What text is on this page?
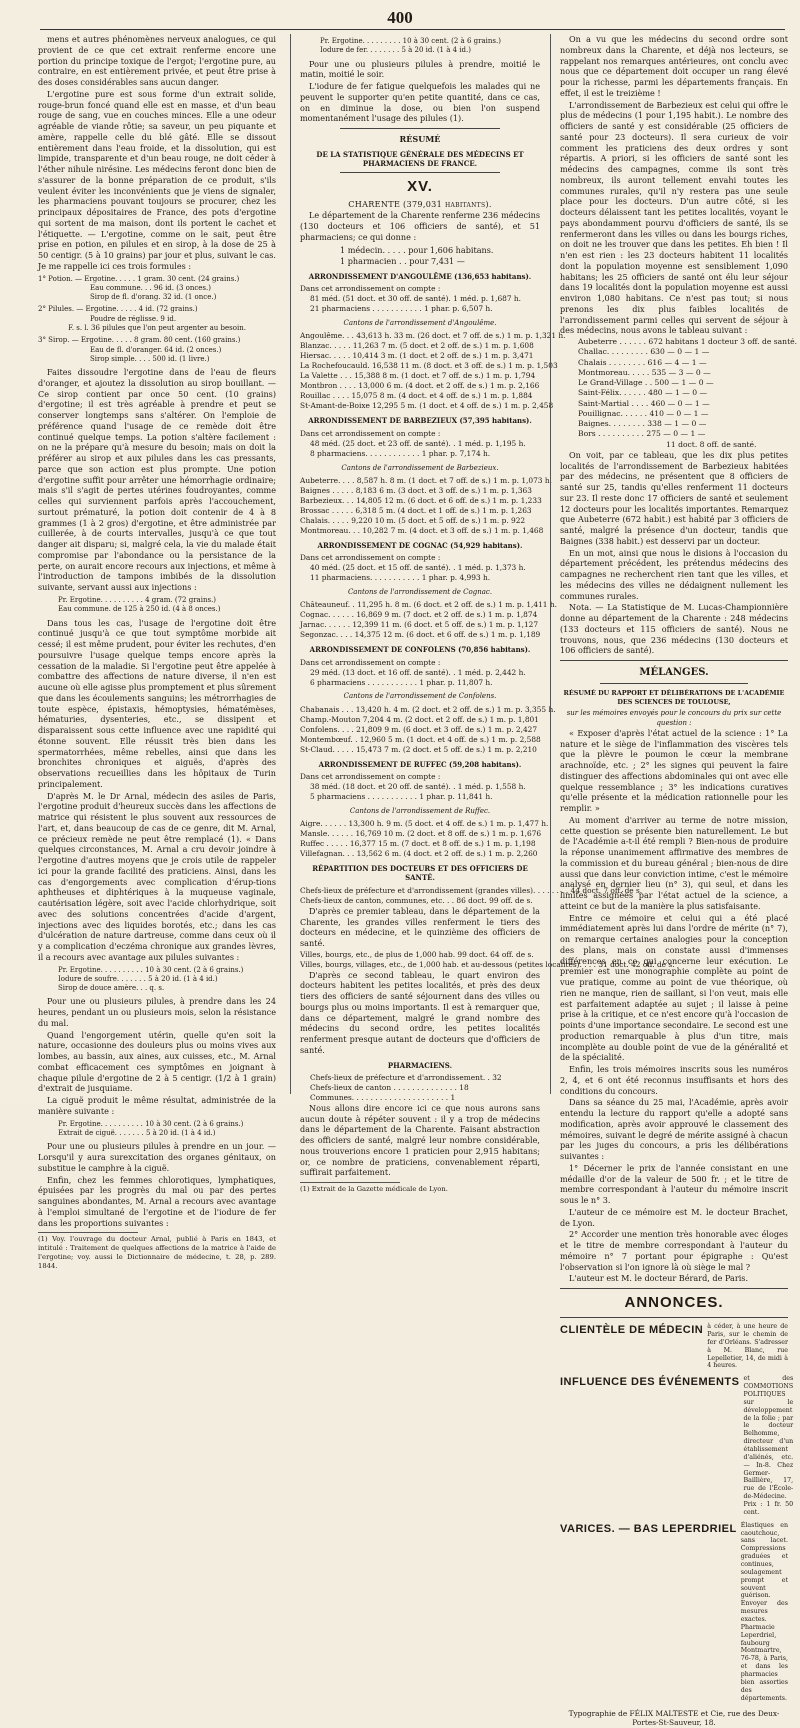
400

mens et autres phénomènes nerveux analogues, ce qui provient de ce que cet extrait renferme encore une portion du principe toxique de l'ergot; l'ergotine pure, au contraire, en est entièrement privée, et peut être prise à des doses considérables sans aucun danger.

L'ergotine pure est sous forme d'un extrait solide, rouge-brun foncé quand elle est en masse, et d'un beau rouge de sang, vue en couches minces. Elle a une odeur agréable de viande rôtie; sa saveur, un peu piquante et amère, rappelle celle du blé gâté. Elle se dissout entièrement dans l'eau froide, et la dissolution, qui est limpide, transparente et d'un beau rouge, ne doit céder à l'éther nihule nirésine. Les médecins feront donc bien de s'assurer de la bonne préparation de ce produit, s'ils veulent éviter les inconvénients que je viens de signaler, les pharmaciens pouvant toujours se procurer, chez les principaux dépositaires de France, des pots d'ergotine qui sortent de ma maison, dont ils portent le cachet et l'étiquette. — L'ergotine, comme on le sait, peut être prise en potion, en pilules et en sirop, à la dose de 25 à 50 centigr. (5 à 10 grains) par jour et plus, suivant le cas. Je me rappelle ici ces trois formules :

1° Potion. — Ergotine. . . . . 1 gram. 30 cent. (24 grains.)
Eau commune. . . 96 id. (3 onces.)
Sirop de fl. d'orang. 32 id. (1 once.)
2° Pilules. — Ergotine. . . . . 4 id. (72 grains.)
Poudre de réglisse. 9 id.
F. s. l. 36 pilules que l'on peut argenter au besoin.
3° Sirop. — Ergotine. . . . . 8 gram. 80 cent. (160 grains.)
Eau de fl. d'oranger. 64 id. (2 onces.)
Sirop simple. . . . 500 id. (1 livre.)

Faites dissoudre l'ergotine dans de l'eau de fleurs d'oranger, et ajoutez la dissolution au sirop bouillant. — Ce sirop contient par once 50 cent. (10 grains) d'ergotine; il est très agréable à prendre et peut se conserver longtemps sans s'altérer. On l'emploie de préférence quand l'usage de ce remède doit être continué quelque temps. La potion s'altère facilement : on ne la prépare qu'à mesure du besoin; mais on doit la préférer au sirop et aux pilules dans les cas pressants, parce que son action est plus prompte. Une potion d'ergotine suffit pour arrêter une hémorrhagie ordinaire; mais s'il s'agit de pertes utérines foudroyantes, comme celles qui surviennent parfois après l'accouchement, surtout prématuré, la potion doit contenir de 4 à 8 grammes (1 à 2 gros) d'ergotine, et être administrée par cuillerée, à de courts intervalles, jusqu'à ce que tout danger ait disparu; si, malgré cela, la vie du malade était compromise par l'abondance ou la persistance de la perte, on aurait encore recours aux injections, et même à l'introduction de tampons imbibés de la dissolution suivante, servant aussi aux injections :

Pr. Ergotine. . . . . . . . . . 4 gram. (72 grains.)
Eau commune. de 125 à 250 id. (4 à 8 onces.)

Dans tous les cas, l'usage de l'ergotine doit être continué jusqu'à ce que tout symptôme morbide ait cessé; il est même prudent, pour éviter les rechutes, d'en poursuivre l'usage quelque temps encore après la cessation de la maladie. Si l'ergotine peut être appelée à combattre des affections de nature diverse, il n'en est aucune où elle agisse plus promptement et plus sûrement que dans les écoulements sanguins; les métrorrhagies de toute espèce, épistaxis, hémoptysies, hématémèses, hématuries, dysenteries, etc., se dissipent et disparaissent sous cette influence avec une rapidité qui étonne souvent. Elle réussit très bien dans les spermatorrhées, même rebelles, ainsi que dans les bronchites chroniques et aiguës, d'après des observations recueillies dans les hôpitaux de Turin principalement.

D'après M. le Dr Arnal, médecin des asiles de Paris, l'ergotine produit d'heureux succès dans les affections de matrice qui résistent le plus souvent aux ressources de l'art, et, dans beaucoup de cas de ce genre, dit M. Arnal, ce précieux remède ne peut être remplacé (1). « Dans quelques circonstances, M. Arnal a cru devoir joindre à l'ergotine d'autres moyens que je crois utile de rappeler ici pour la grande facilité des praticiens. Ainsi, dans les cas d'engorgements avec complication d'érup-tions aphtheuses et diphtériques à la muqueuse vaginale, cautérisation légère, soit avec l'acide chlorhydrique, soit avec des solutions concentrées d'acide d'argent, injections avec des liquides borotés, etc.; dans les cas d'ulcération de nature dartreuse, comme dans ceux où il y a complication d'eczéma chronique aux grandes lèvres, il a recours avec avantage aux pilules suivantes :

Pr. Ergotine. . . . . . . . . . 10 à 30 cent. (2 à 6 grains.)
Iodure de soufre. . . . . . . 5 à 20 id. (1 à 4 id.)
Sirop de douce amère. . . q. s.

Pour une ou plusieurs pilules, à prendre dans les 24 heures, pendant un ou plusieurs mois, selon la résistance du mal.

Quand l'engorgement utérin, quelle qu'en soit la nature, occasionne des douleurs plus ou moins vives aux lombes, au bassin, aux aines, aux cuisses, etc., M. Arnal combat efficacement ces symptômes en joignant à chaque pilule d'ergotine de 2 à 5 centigr. (1/2 à 1 grain) d'extrait de jusquiame.

La ciguë produit le même résultat, administrée de la manière suivante :

Pr. Ergotine. . . . . . . . . . 10 à 30 cent. (2 à 6 grains.)
Extrait de ciguë. . . . . . . 5 à 20 id. (1 à 4 id.)

Pour une ou plusieurs pilules à prendre en un jour. — Lorsqu'il y aura surexcitation des organes génitaux, on substitue le camphre à la ciguë.

Enfin, chez les femmes chlorotiques, lymphatiques, épuisées par les progrès du mal ou par des pertes sanguines abondantes, M. Arnal a recours avec avantage à l'emploi simultané de l'ergotine et de l'iodure de fer dans les proportions suivantes :

(1) Voy. l'ouvrage du docteur Arnal, publié à Paris en 1843, et intitulé : Traitement de quelques affections de la matrice à l'aide de l'ergotine; voy. aussi le Dictionnaire de médecine, t. 28, p. 289. 1844.

Pr. Ergotine. . . . . . . . . 10 à 30 cent. (2 à 6 grains.)
Iodure de fer. . . . . . . . 5 à 20 id. (1 à 4 id.)

Pour une ou plusieurs pilules à prendre, moitié le matin, moitié le soir.

L'iodure de fer fatigue quelquefois les malades qui ne peuvent le supporter qu'en petite quantité, dans ce cas, on en diminue la dose, ou bien l'on suspend momentanément l'usage des pilules (1).

RÉSUMÉ
DE LA STATISTIQUE GÉNÉRALE DES MÉDECINS ET PHARMACIENS DE FRANCE.
XV.
CHARENTE (379,031 habitants).

Le département de la Charente renferme 236 médecins (130 docteurs et 106 officiers de santé), et 51 pharmaciens; ce qui donne :

1 médecin. . . . . pour 1,606 habitans.
1 pharmacien . . pour 7,431 —
ARRONDISSEMENT D'ANGOULÊME (136,653 habitans).
Dans cet arrondissement on compte :
81 méd. (51 doct. et 30 off. de santé). 1 méd. p. 1,687 h.
21 pharmaciens . . . . . . . . . . . 1 phar. p. 6,507 h.
Cantons de l'arrondissement d'Angoulême.
Angoulême. . . 43,613 h. 33 m. (26 doct. et 7 off. de s.) 1 m. p. 1,321 h.
Blanzac. . . . . 11,263 7 m. (5 doct. et 2 off. de s.) 1 m. p. 1,608
Hiersac. . . . . 10,414 3 m. (1 doct. et 2 off. de s.) 1 m. p. 3,471
La Rochefoucauld. 16,538 11 m. (8 doct. et 3 off. de s.) 1 m. p. 1,503
La Valette . . . 15,388 8 m. (1 doct. et 7 off. de s.) 1 m. p. 1,794
Montbron . . . . 13,000 6 m. (4 doct. et 2 off. de s.) 1 m. p. 2,166
Rouillac . . . . 15,075 8 m. (4 doct. et 4 off. de s.) 1 m. p. 1,884
St-Amant-de-Boixe 12,295 5 m. (1 doct. et 4 off. de s.) 1 m. p. 2,458
ARRONDISSEMENT DE BARBEZIEUX (57,395 habitans).
Dans cet arrondissement on compte :
48 méd. (25 doct. et 23 off. de santé). . 1 méd. p. 1,195 h.
8 pharmaciens. . . . . . . . . . . . 1 phar. p. 7,174 h.
Cantons de l'arrondissement de Barbezieux.
Aubeterre. . . . 8,587 h. 8 m. (1 doct. et 7 off. de s.) 1 m. p. 1,073 h.
Baignes . . . . . 8,183 6 m. (3 doct. et 3 off. de s.) 1 m. p. 1,363
Barbezieux. . . 14,805 12 m. (6 doct. et 6 off. de s.) 1 m. p. 1,233
Brossac . . . . . 6,318 5 m. (4 doct. et 1 off. de s.) 1 m. p. 1,263
Chalais. . . . . 9,220 10 m. (5 doct. et 5 off. de s.) 1 m. p. 922
Montmoreau. . . 10,282 7 m. (4 doct. et 3 off. de s.) 1 m. p. 1,468
ARRONDISSEMENT DE COGNAC (54,929 habitans).
Dans cet arrondissement on compte :
40 méd. (25 doct. et 15 off. de santé). . 1 méd. p. 1,373 h.
11 pharmaciens. . . . . . . . . . . 1 phar. p. 4,993 h.
Cantons de l'arrondissement de Cognac.
Châteauneuf. . 11,295 h. 8 m. (6 doct. et 2 off. de s.) 1 m. p. 1,411 h.
Cognac. . . . . . 16,869 9 m. (7 doct. et 2 off. de s.) 1 m. p. 1,874
Jarnac. . . . . . 12,399 11 m. (6 doct. et 5 off. de s.) 1 m. p. 1,127
Segonzac. . . . 14,375 12 m. (6 doct. et 6 off. de s.) 1 m. p. 1,189
ARRONDISSEMENT DE CONFOLENS (70,856 habitans).
Dans cet arrondissement on compte :
29 méd. (13 doct. et 16 off. de santé). . 1 méd. p. 2,442 h.
6 pharmaciens . . . . . . . . . . . 1 phar. p. 11,807 h.
Cantons de l'arrondissement de Confolens.
Chabanais . . . 13,420 h. 4 m. (2 doct. et 2 off. de s.) 1 m. p. 3,355 h.
Champ.-Mouton 7,204 4 m. (2 doct. et 2 off. de s.) 1 m. p. 1,801
Confolens. . . . 21,809 9 m. (6 doct. et 3 off. de s.) 1 m. p. 2,427
Montembœuf. . 12,960 5 m. (1 doct. et 4 off. de s.) 1 m. p. 2,588
St-Claud. . . . . 15,473 7 m. (2 doct. et 5 off. de s.) 1 m. p. 2,210
ARRONDISSEMENT DE RUFFEC (59,208 habitans).
Dans cet arrondissement on compte :
38 méd. (18 doct. et 20 off. de santé). . 1 méd. p. 1,558 h.
5 pharmaciens . . . . . . . . . . . 1 phar. p. 11,841 h.
Cantons de l'arrondissement de Ruffec.
Aigre. . . . . . 13,300 h. 9 m. (5 doct. et 4 off. de s.) 1 m. p. 1,477 h.
Mansle. . . . . . 16,769 10 m. (2 doct. et 8 off. de s.) 1 m. p. 1,676
Ruffec . . . . . 16,377 15 m. (7 doct. et 8 off. de s.) 1 m. p. 1,198
Villefagnan. . . 13,562 6 m. (4 doct. et 2 off. de s.) 1 m. p. 2,260
RÉPARTITION DES DOCTEURS ET DES OFFICIERS DE SANTÉ.
Chefs-lieux de préfecture et d'arrondissement (grandes villes). . . . . . . . 44 doct. 7 off. de s.
Chefs-lieux de canton, communes, etc. . . 86 doct. 99 off. de s.

D'après ce premier tableau, dans le département de la Charente, les grandes villes renferment le tiers des docteurs en médecine, et le quinzième des officiers de santé.

Villes, bourgs, etc., de plus de 1,000 hab. 99 doct. 64 off. de s.
Villes, bourgs, villages, etc., de 1,000 hab. et au-dessous (petites localités). . . . 31 doct. 42 off. de s.

D'après ce second tableau, le quart environ des docteurs habitent les petites localités, et près des deux tiers des officiers de santé séjournent dans des villes ou bourgs plus ou moins importants. Il est à remarquer que, dans ce département, malgré le grand nombre des médecins du second ordre, les petites localités renferment presque autant de docteurs que d'officiers de santé.

PHARMACIENS.
Chefs-lieux de préfecture et d'arrondissement. . 32
Chefs-lieux de canton . . . . . . . . . . . . . . 18
Communes. . . . . . . . . . . . . . . . . . . . . 1

Nous allons dire encore ici ce que nous aurons sans aucun doute à répéter souvent : il y a trop de médecins dans le département de la Charente. Faisant abstraction des officiers de santé, malgré leur nombre considérable, nous trouverions encore 1 praticien pour 2,915 habitans; or, ce nombre de praticiens, convenablement réparti, suffirait parfaitement.

(1) Extrait de la Gazette médicale de Lyon.

On a vu que les médecins du second ordre sont nombreux dans la Charente, et déjà nos lecteurs, se rappelant nos remarques antérieures, ont conclu avec nous que ce département doit occuper un rang élevé pour la richesse, parmi les départements français. En effet, il est le treizième !

L'arrondissement de Barbezieux est celui qui offre le plus de médecins (1 pour 1,195 habit.). Le nombre des officiers de santé y est considérable (25 officiers de santé pour 23 docteurs). Il sera curieux de voir comment les praticiens des deux ordres y sont répartis. A priori, si les officiers de santé sont les médecins des campagnes, comme ils sont très nombreux, ils auront tellement envahi toutes les communes rurales, qu'il n'y restera pas une seule place pour les docteurs. D'un autre côté, si les docteurs délaissent tant les petites localités, voyant le pays abondamment pourvu d'officiers de santé, ils se renfermeront dans les villes ou dans les bourgs riches, on doit ne les trouver que dans les petites. Eh bien ! Il n'en est rien : les 23 docteurs habitent 11 localités dont la population moyenne est sensiblement 1,090 habitans; les 25 officiers de santé ont élu leur séjour dans 19 localités dont la population moyenne est aussi environ 1,080 habitans. Ce n'est pas tout; si nous prenons les dix plus faibles localités de l'arrondissement parmi celles qui servent de séjour à des médecins, nous avons le tableau suivant :

Aubeterre . . . . . . 672 habitans 1 docteur 3 off. de santé.
Challac. . . . . . . . . 630 — 0 — 1 —
Chalais . . . . . . . . 616 — 4 — 1 —
Montmoreau. . . . . 535 — 3 — 0 —
Le Grand-Village . . 500 — 1 — 0 —
Saint-Félix. . . . . . 480 — 1 — 0 —
Saint-Martial . . . . 460 — 0 — 1 —
Pouillignac. . . . . . 410 — 0 — 1 —
Baignes. . . . . . . . 338 — 1 — 0 —
Bors . . . . . . . . . . 275 — 0 — 1 —
11 doct. 8 off. de santé.

On voit, par ce tableau, que les dix plus petites localités de l'arrondissement de Barbezieux habitées par des médecins, ne présentent que 8 officiers de santé sur 25, tandis qu'elles renferment 11 docteurs sur 23. Il reste donc 17 officiers de santé et seulement 12 docteurs pour les localités importantes. Remarquez que Aubeterre (672 habit.) est habité par 3 officiers de santé, malgré la présence d'un docteur, tandis que Baignes (338 habit.) est desservi par un docteur.

En un mot, ainsi que nous le disions à l'occasion du département précédent, les prétendus médecins des campagnes ne recherchent rien tant que les villes, et les médecins des villes ne dédaignent nullement les communes rurales.

Nota. — La Statistique de M. Lucas-Championnière donne au département de la Charente : 248 médecins (133 docteurs et 115 officiers de santé). Nous ne trouvons, nous, que 236 médecins (130 docteurs et 106 officiers de santé).

MÉLANGES.
RÉSUMÉ DU RAPPORT ET DÉLIBÉRATIONS DE L'ACADÉMIE DES SCIENCES DE TOULOUSE,
sur les mémoires envoyés pour le concours du prix sur cette question :

« Exposer d'après l'état actuel de la science : 1° La nature et le siège de l'inflammation des viscères tels que la plèvre le poumon le cœur la membrane arachnoïde, etc. ; 2° les signes qui peuvent la faire distinguer des affections abdominales qui ont avec elle quelque ressemblance ; 3° les indications curatives qu'elle présente et la médication rationnelle pour les remplir. »

Au moment d'arriver au terme de notre mission, cette question se présente bien naturellement. Le but de l'Académie a-t-il été rempli ? Bien-nous de produire la réponse unanimement affirmative des membres de la commission et du bureau général ; bien-nous de dire aussi que dans leur conviction intime, c'est le mémoire analysé en dernier lieu (n° 3), qui seul, et dans les limites assignées par l'état actuel de la science, a atteint ce but de la manière la plus satisfaisante.

Entre ce mémoire et celui qui a été placé immédiatement après lui dans l'ordre de mérite (n° 7), on remarque certaines analogies pour la conception des plans, mais on constate aussi d'immenses différences en ce qui concerne leur exécution. Le premier est une monographie complète au point de vue pratique, comme au point de vue théorique, où rien ne manque, rien de saillant, si l'on veut, mais elle est parfaitement adaptée au sujet ; il laisse à peine prise à la critique, et ce n'est encore qu'à l'occasion de points d'une importance secondaire. Le second est une production remarquable à plus d'un titre, mais incomplète au double point de vue de la généralité et de la spécialité.

Enfin, les trois mémoires inscrits sous les numéros 2, 4, et 6 ont été reconnus insuffisants et hors des conditions du concours.

Dans sa séance du 25 mai, l'Académie, après avoir entendu la lecture du rapport qu'elle a adopté sans modification, après avoir approuvé le classement des mémoires, suivant le degré de mérite assigné à chacun par les juges du concours, a pris les délibérations suivantes :

1° Décerner le prix de l'année consistant en une médaille d'or de la valeur de 500 fr. ; et le titre de membre correspondant à l'auteur du mémoire inscrit sous le n° 3.

L'auteur de ce mémoire est M. le docteur Brachet, de Lyon.

2° Accorder une mention très honorable avec éloges et le titre de membre correspondant à l'auteur du mémoire n° 7 portant pour épigraphe : Qu'est l'observation si l'on ignore là où siège le mal ?

L'auteur est M. le docteur Bérard, de Paris.

ANNONCES.
CLIENTÈLE DE MÉDECIN à céder, à une heure de Paris, sur le chemin de fer d'Orléans. S'adresser à M. Blanc, rue Lepelletier, 14, de midi à 4 heures.
INFLUENCE DES ÉVÉNEMENTS et des COMMOTIONS POLITIQUES sur le développement de la folie ; par le docteur Belhomme, directeur d'un établissement d'aliénés, etc. — In-8. Chez Germer-Baillière, 17, rue de l'École-de-Médecine. Prix : 1 fr. 50 cent.
VARICES. — BAS LEPERDRIEL Élastiques en caoutchouc, sans lacet. Compressions graduées et continues, soulagement prompt et souvent guérison. Envoyer des mesures exactes. Pharmacie Leperdriel, faubourg Montmartre, 76-78, à Paris, et dans les pharmacies bien assorties des départements.
Typographie de FÉLIX MALTESTE et Cie, rue des Deux-Portes-St-Sauveur, 18.
